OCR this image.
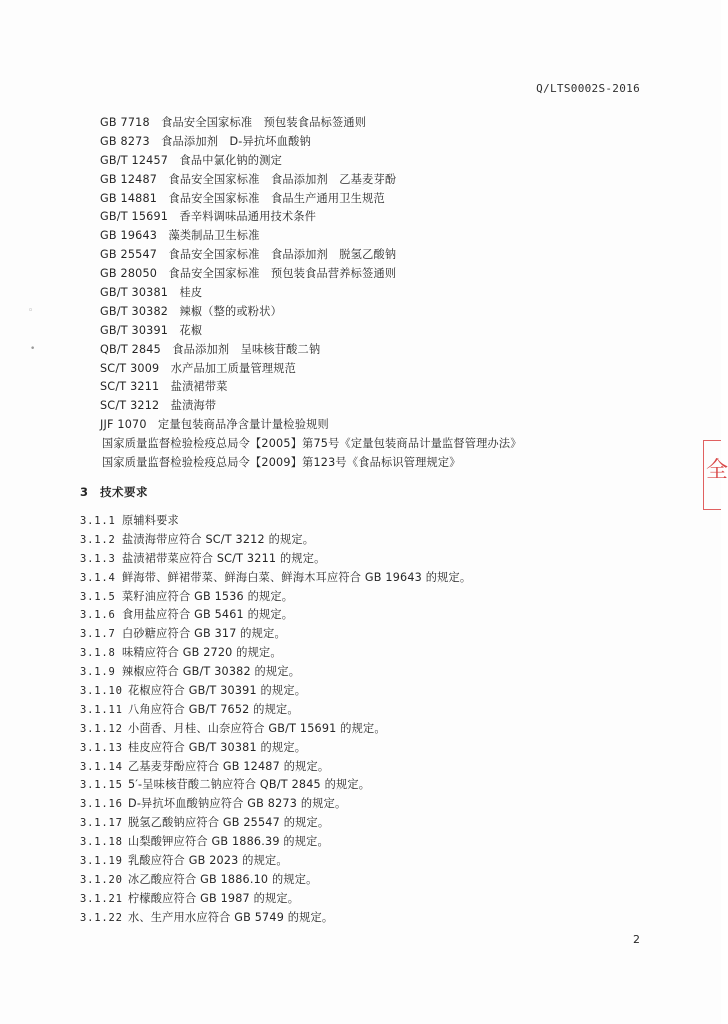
Q/LTS0002S-2016
GB 7718　食品安全国家标准　预包装食品标签通则
GB 8273　食品添加剂　D-异抗坏血酸钠
GB/T 12457　食品中氯化钠的测定
GB 12487　食品安全国家标准　食品添加剂　乙基麦芽酚
GB 14881　食品安全国家标准　食品生产通用卫生规范
GB/T 15691　香辛料调味品通用技术条件
GB 19643　藻类制品卫生标准
GB 25547　食品安全国家标准　食品添加剂　脱氢乙酸钠
GB 28050　食品安全国家标准　预包装食品营养标签通则
GB/T 30381　桂皮
GB/T 30382　辣椒（整的或粉状）
GB/T 30391　花椒
QB/T 2845　食品添加剂　呈味核苷酸二钠
SC/T 3009　水产品加工质量管理规范
SC/T 3211　盐渍裙带菜
SC/T 3212　盐渍海带
JJF 1070　定量包装商品净含量计量检验规则
国家质量监督检验检疫总局令【2005】第75号《定量包装商品计量监督管理办法》
国家质量监督检验检疫总局令【2009】第123号《食品标识管理规定》
3 技术要求
3.1.1 原辅料要求
3.1.2 盐渍海带应符合 SC/T 3212 的规定。
3.1.3 盐渍裙带菜应符合 SC/T 3211 的规定。
3.1.4 鲜海带、鲜裙带菜、鲜海白菜、鲜海木耳应符合 GB 19643 的规定。
3.1.5 菜籽油应符合 GB 1536 的规定。
3.1.6 食用盐应符合 GB 5461 的规定。
3.1.7 白砂糖应符合 GB 317 的规定。
3.1.8 味精应符合 GB 2720 的规定。
3.1.9 辣椒应符合 GB/T 30382 的规定。
3.1.10 花椒应符合 GB/T 30391 的规定。
3.1.11 八角应符合 GB/T 7652 的规定。
3.1.12 小茴香、月桂、山奈应符合 GB/T 15691 的规定。
3.1.13 桂皮应符合 GB/T 30381 的规定。
3.1.14 乙基麦芽酚应符合 GB 12487 的规定。
3.1.15 5′-呈味核苷酸二钠应符合 QB/T 2845 的规定。
3.1.16 D-异抗坏血酸钠应符合 GB 8273 的规定。
3.1.17 脱氢乙酸钠应符合 GB 25547 的规定。
3.1.18 山梨酸钾应符合 GB 1886.39 的规定。
3.1.19 乳酸应符合 GB 2023 的规定。
3.1.20 冰乙酸应符合 GB 1886.10 的规定。
3.1.21 柠檬酸应符合 GB 1987 的规定。
3.1.22 水、生产用水应符合 GB 5749 的规定。
2
全
◦
•
